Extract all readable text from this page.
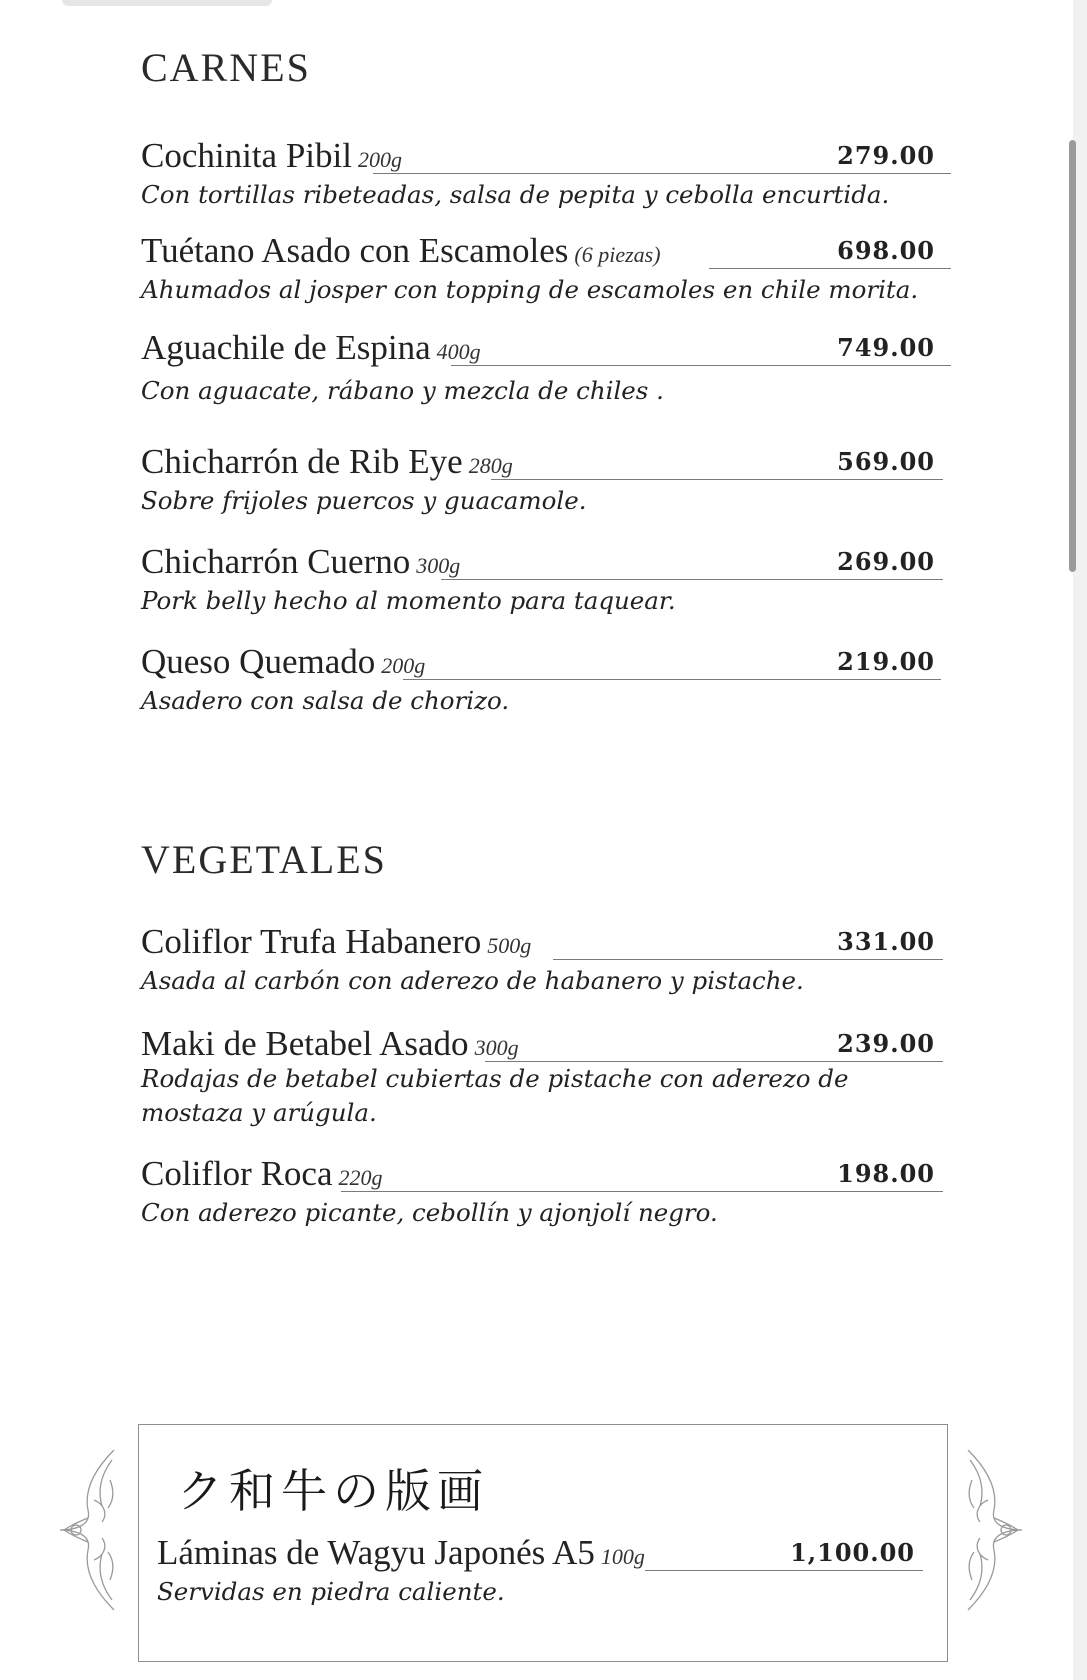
CARNES
Cochinita Pibil 200g	279.00
Con tortillas ribeteadas, salsa de pepita y cebolla encurtida.
Tuétano Asado con Escamoles (6 piezas)	698.00
Ahumados al josper con topping de escamoles en chile morita.
Aguachile de Espina 400g	749.00
Con aguacate, rábano y mezcla de chiles .
Chicharrón de Rib Eye 280g	569.00
Sobre frijoles puercos y guacamole.
Chicharrón Cuerno 300g	269.00
Pork belly hecho al momento para taquear.
Queso Quemado 200g	219.00
Asadero con salsa de chorizo.
VEGETALES
Coliflor Trufa Habanero 500g	331.00
Asada al carbón con aderezo de habanero y pistache.
Maki de Betabel Asado 300g	239.00
Rodajas de betabel cubiertas de pistache con aderezo de
mostaza y arúgula.
Coliflor Roca 220g	198.00
Con aderezo picante, cebollín y ajonjolí negro.
ク和牛の版画
Láminas de Wagyu Japonés A5 100g	1,100.00
Servidas en piedra caliente.
